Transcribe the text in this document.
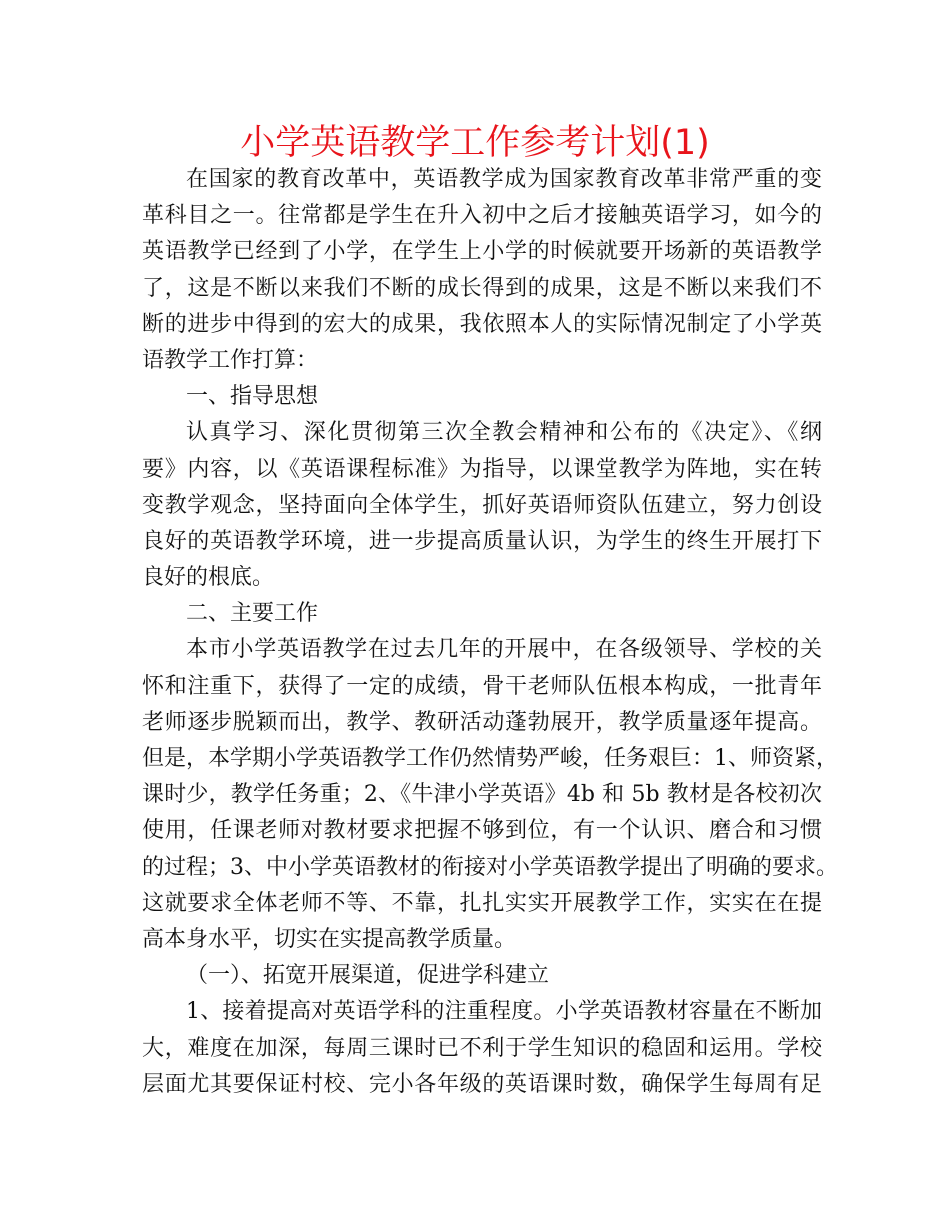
小学英语教学工作参考计划(1)
在国家的教育改革中，英语教学成为国家教育改革非常严重的变
革科目之一。往常都是学生在升入初中之后才接触英语学习，如今的
英语教学已经到了小学，在学生上小学的时候就要开场新的英语教学
了，这是不断以来我们不断的成长得到的成果，这是不断以来我们不
断的进步中得到的宏大的成果，我依照本人的实际情况制定了小学英
语教学工作打算：
一、指导思想
认真学习、深化贯彻第三次全教会精神和公布的《决定》、《纲
要》内容，以《英语课程标准》为指导，以课堂教学为阵地，实在转
变教学观念，坚持面向全体学生，抓好英语师资队伍建立，努力创设
良好的英语教学环境，进一步提高质量认识，为学生的终生开展打下
良好的根底。
二、主要工作
本市小学英语教学在过去几年的开展中，在各级领导、学校的关
怀和注重下，获得了一定的成绩，骨干老师队伍根本构成，一批青年
老师逐步脱颖而出，教学、教研活动蓬勃展开，教学质量逐年提高。
但是，本学期小学英语教学工作仍然情势严峻，任务艰巨：1、师资紧，
课时少，教学任务重；2、《牛津小学英语》4b 和 5b 教材是各校初次
使用，任课老师对教材要求把握不够到位，有一个认识、磨合和习惯
的过程；3、中小学英语教材的衔接对小学英语教学提出了明确的要求。
这就要求全体老师不等、不靠，扎扎实实开展教学工作，实实在在提
高本身水平，切实在实提高教学质量。
（一）、拓宽开展渠道，促进学科建立
1、接着提高对英语学科的注重程度。小学英语教材容量在不断加
大，难度在加深，每周三课时已不利于学生知识的稳固和运用。学校
层面尤其要保证村校、完小各年级的英语课时数，确保学生每周有足
